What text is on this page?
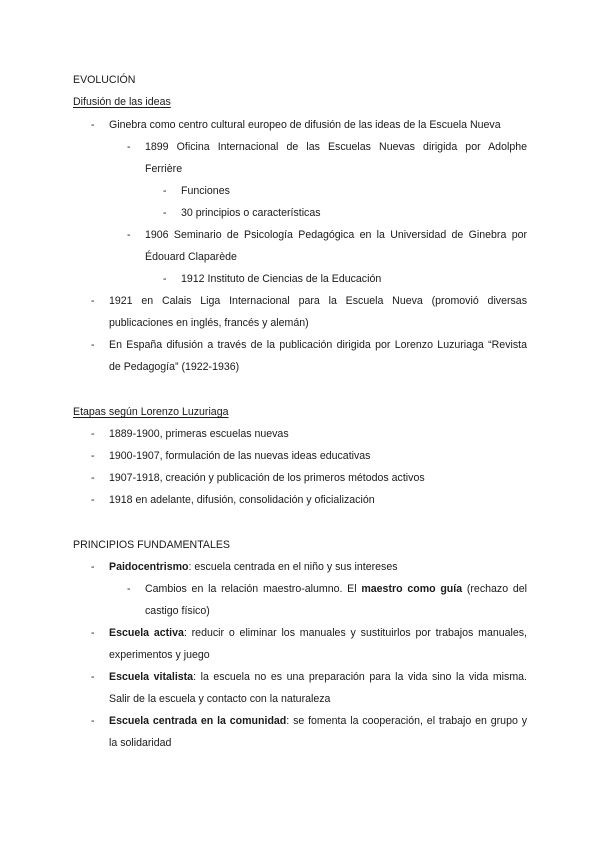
EVOLUCIÓN
Difusión de las ideas
- Ginebra como centro cultural europeo de difusión de las ideas de la Escuela Nueva
- 1899 Oficina Internacional de las Escuelas Nuevas dirigida por Adolphe
Ferrière
- Funciones
- 30 principios o características
- 1906 Seminario de Psicología Pedagógica en la Universidad de Ginebra por
Édouard Claparède
- 1912 Instituto de Ciencias de la Educación
- 1921 en Calais Liga Internacional para la Escuela Nueva (promovió diversas
publicaciones en inglés, francés y alemán)
- En España difusión a través de la publicación dirigida por Lorenzo Luzuriaga “Revista
de Pedagogía” (1922-1936)
Etapas según Lorenzo Luzuriaga
- 1889-1900, primeras escuelas nuevas
- 1900-1907, formulación de las nuevas ideas educativas
- 1907-1918, creación y publicación de los primeros métodos activos
- 1918 en adelante, difusión, consolidación y oficialización
PRINCIPIOS FUNDAMENTALES
- Paidocentrismo: escuela centrada en el niño y sus intereses
- Cambios en la relación maestro-alumno. El maestro como guía (rechazo del
castigo físico)
- Escuela activa: reducir o eliminar los manuales y sustituirlos por trabajos manuales,
experimentos y juego
- Escuela vitalista: la escuela no es una preparación para la vida sino la vida misma.
Salir de la escuela y contacto con la naturaleza
- Escuela centrada en la comunidad: se fomenta la cooperación, el trabajo en grupo y
la solidaridad
